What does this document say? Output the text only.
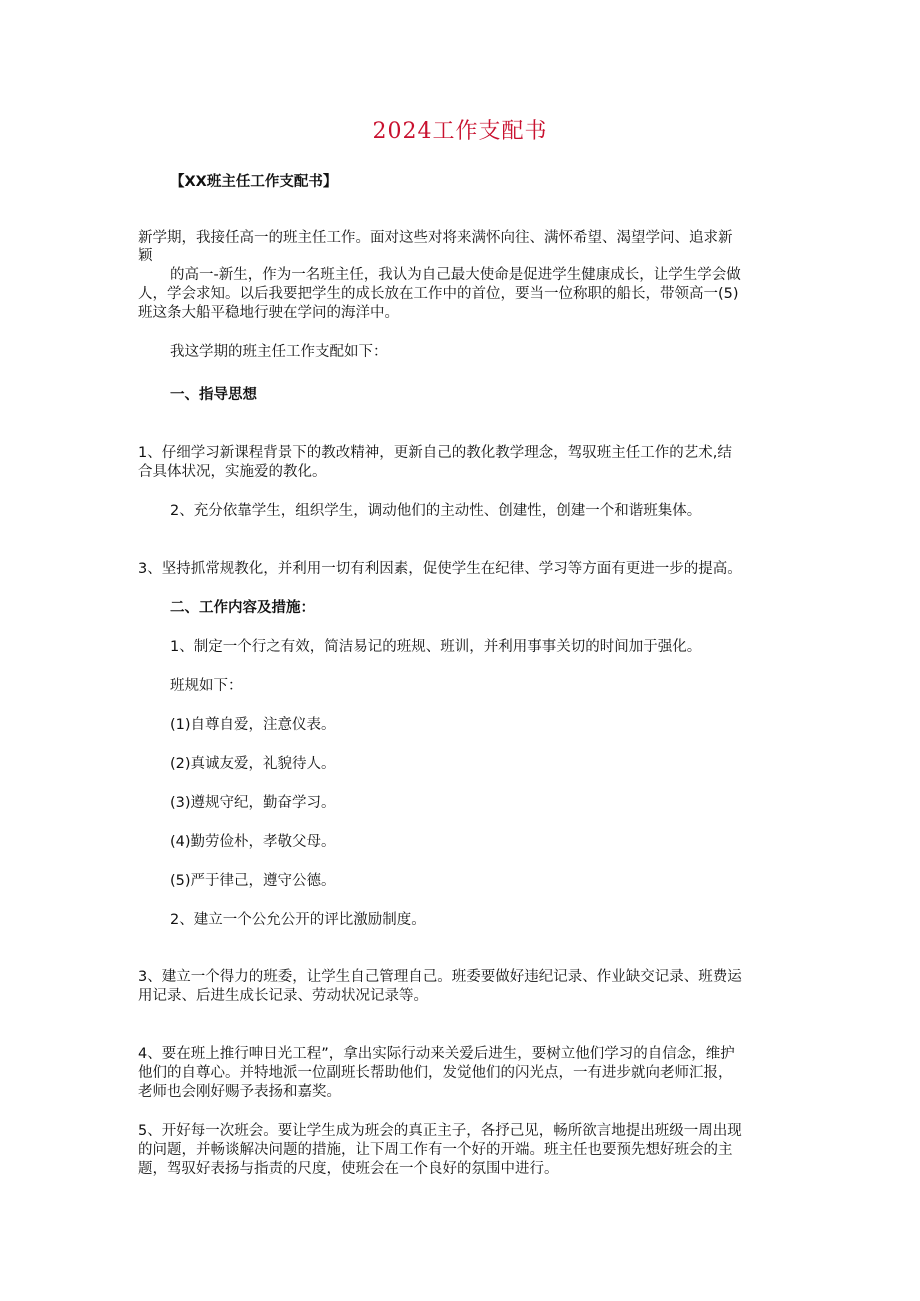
2024工作支配书
【XX班主任工作支配书】
新学期，我接任高一的班主任工作。面对这些对将来满怀向往、满怀希望、渴望学问、追求新
颖
的高一-新生，作为一名班主任，我认为自己最大使命是促进学生健康成长，让学生学会做
人，学会求知。以后我要把学生的成长放在工作中的首位，要当一位称职的船长，带领高一(5)
班这条大船平稳地行驶在学问的海洋中。
我这学期的班主任工作支配如下：
一、指导思想
1、仔细学习新课程背景下的教改精神，更新自己的教化教学理念，驾驭班主任工作的艺术,结
合具体状况，实施爱的教化。
2、充分依靠学生，组织学生，调动他们的主动性、创建性，创建一个和谐班集体。
3、坚持抓常规教化，并利用一切有利因素，促使学生在纪律、学习等方面有更进一步的提高。
二、工作内容及措施：
1、制定一个行之有效，简洁易记的班规、班训，并利用事事关切的时间加于强化。
班规如下：
(1)自尊自爱，注意仪表。
(2)真诚友爱，礼貌待人。
(3)遵规守纪，勤奋学习。
(4)勤劳俭朴，孝敬父母。
(5)严于律己，遵守公德。
2、建立一个公允公开的评比激励制度。
3、建立一个得力的班委，让学生自己管理自己。班委要做好违纪记录、作业缺交记录、班费运
用记录、后进生成长记录、劳动状况记录等。
4、要在班上推行呻日光工程”，拿出实际行动来关爱后进生，要树立他们学习的自信念，维护
他们的自尊心。并特地派一位副班长帮助他们，发觉他们的闪光点，一有进步就向老师汇报，
老师也会刚好赐予表扬和嘉奖。
5、开好每一次班会。要让学生成为班会的真正主子，各抒己见，畅所欲言地提出班级一周出现
的问题，并畅谈解决问题的措施，让下周工作有一个好的开端。班主任也要预先想好班会的主
题，驾驭好表扬与指责的尺度，使班会在一个良好的氛围中进行。
